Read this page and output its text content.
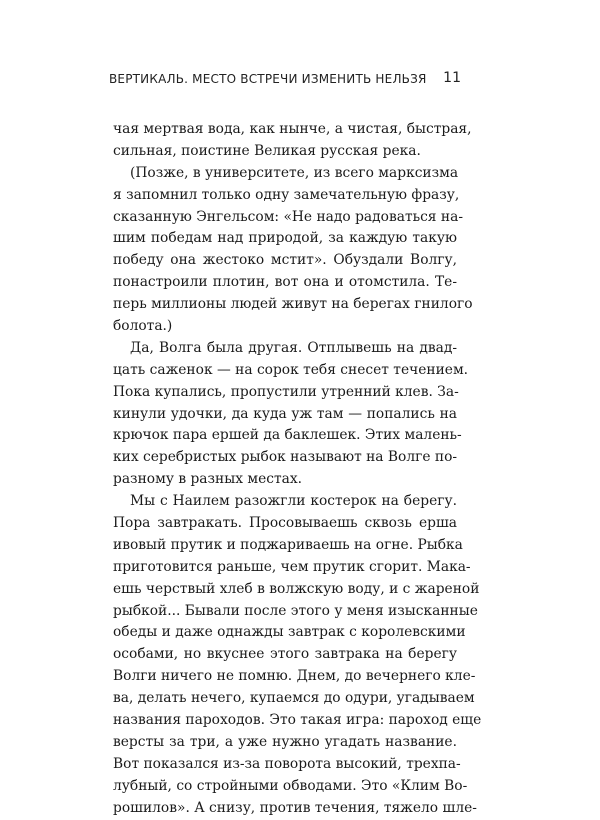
ВЕРТИКАЛЬ. МЕСТО ВСТРЕЧИ ИЗМЕНИТЬ НЕЛЬЗЯ 11
чая мертвая вода, как нынче, а чистая, быстрая,
сильная, поистине Великая русская река.
(Позже, в университете, из всего марксизма
я запомнил только одну замечательную фразу,
сказанную Энгельсом: «Не надо радоваться на-
шим победам над природой, за каждую такую
победу она жестоко мстит». Обуздали Волгу,
понастроили плотин, вот она и отомстила. Те-
перь миллионы людей живут на берегах гнилого
болота.)
Да, Волга была другая. Отплывешь на двад-
цать саженок — на сорок тебя снесет течением.
Пока купались, пропустили утренний клев. За-
кинули удочки, да куда уж там — попались на
крючок пара ершей да баклешек. Этих малень-
ких серебристых рыбок называют на Волге по-
разному в разных местах.
Мы с Наилем разожгли костерок на берегу.
Пора завтракать. Просовываешь сквозь ерша
ивовый прутик и поджариваешь на огне. Рыбка
приготовится раньше, чем прутик сгорит. Мака-
ешь черствый хлеб в волжскую воду, и с жареной
рыбкой... Бывали после этого у меня изысканные
обеды и даже однажды завтрак с королевскими
особами, но вкуснее этого завтрака на берегу
Волги ничего не помню. Днем, до вечернего кле-
ва, делать нечего, купаемся до одури, угадываем
названия пароходов. Это такая игра: пароход еще
версты за три, а уже нужно угадать название.
Вот показался из-за поворота высокий, трехпа-
лубный, со стройными обводами. Это «Клим Во-
рошилов». А снизу, против течения, тяжело шле-
